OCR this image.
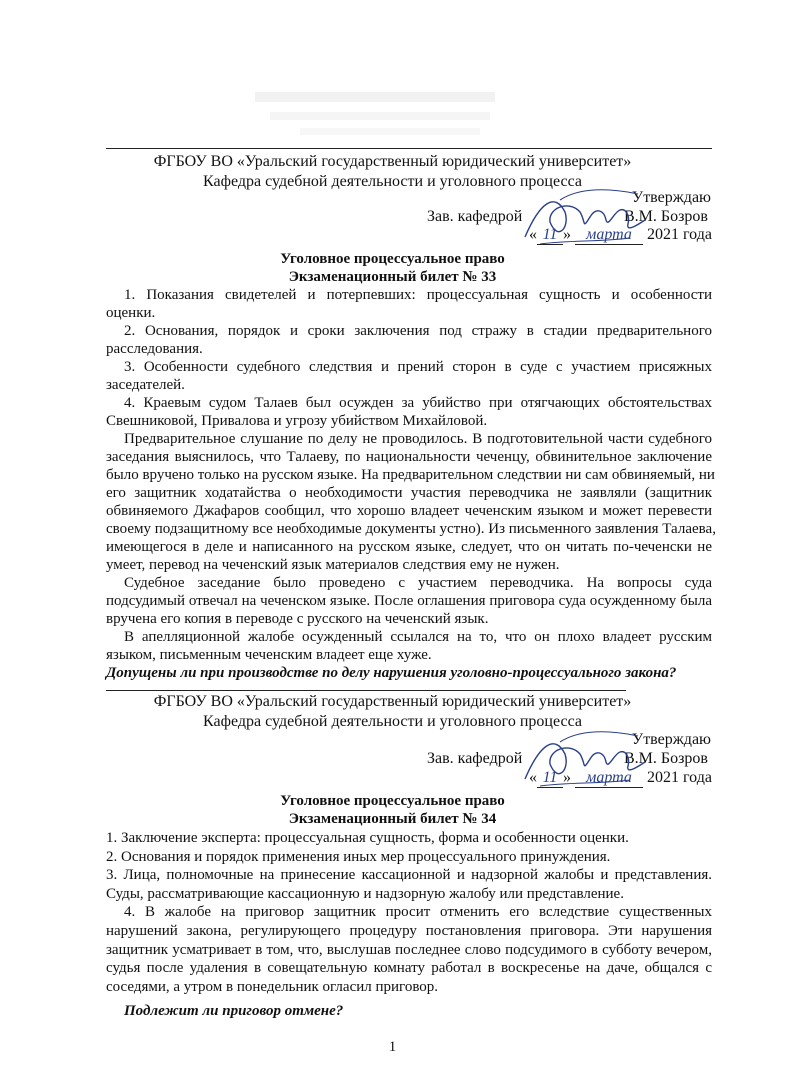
ФГБОУ ВО «Уральский государственный юридический университет»
Кафедра судебной деятельности и уголовного процесса
Утверждаю
Зав. кафедрой	В.М. Бозров
« 11 » марта 2021 года
Уголовное процессуальное право
Экзаменационный билет № 33
1. Показания свидетелей и потерпевших: процессуальная сущность и особенности
оценки.
2. Основания, порядок и сроки заключения под стражу в стадии предварительного
расследования.
3. Особенности судебного следствия и прений сторон в суде с участием присяжных
заседателей.
4. Краевым судом Талаев был осужден за убийство при отягчающих обстоятельствах
Свешниковой, Привалова и угрозу убийством Михайловой.
Предварительное слушание по делу не проводилось. В подготовительной части судебного
заседания выяснилось, что Талаеву, по национальности чеченцу, обвинительное заключение
было вручено только на русском языке. На предварительном следствии ни сам обвиняемый, ни
его защитник ходатайства о необходимости участия переводчика не заявляли (защитник
обвиняемого Джафаров сообщил, что хорошо владеет чеченским языком и может перевести
своему подзащитному все необходимые документы устно). Из письменного заявления Талаева,
имеющегося в деле и написанного на русском языке, следует, что он читать по-чеченски не
умеет, перевод на чеченский язык материалов следствия ему не нужен.
Судебное заседание было проведено с участием переводчика. На вопросы суда
подсудимый отвечал на чеченском языке. После оглашения приговора суда осужденному была
вручена его копия в переводе с русского на чеченский язык.
В апелляционной жалобе осужденный ссылался на то, что он плохо владеет русским
языком, письменным чеченским владеет еще хуже.
Допущены ли при производстве по делу нарушения уголовно-процессуального закона?
ФГБОУ ВО «Уральский государственный юридический университет»
Кафедра судебной деятельности и уголовного процесса
Утверждаю
Зав. кафедрой	В.М. Бозров
« 11 » марта 2021 года
Уголовное процессуальное право
Экзаменационный билет № 34
1. Заключение эксперта: процессуальная сущность, форма и особенности оценки.
2. Основания и порядок применения иных мер процессуального принуждения.
3. Лица, полномочные на принесение кассационной и надзорной жалобы и представления.
Суды, рассматривающие кассационную и надзорную жалобу или представление.
4. В жалобе на приговор защитник просит отменить его вследствие существенных
нарушений закона, регулирующего процедуру постановления приговора. Эти нарушения
защитник усматривает в том, что, выслушав последнее слово подсудимого в субботу вечером,
судья после удаления в совещательную комнату работал в воскресенье на даче, общался с
соседями, а утром в понедельник огласил приговор.
Подлежит ли приговор отмене?
1
